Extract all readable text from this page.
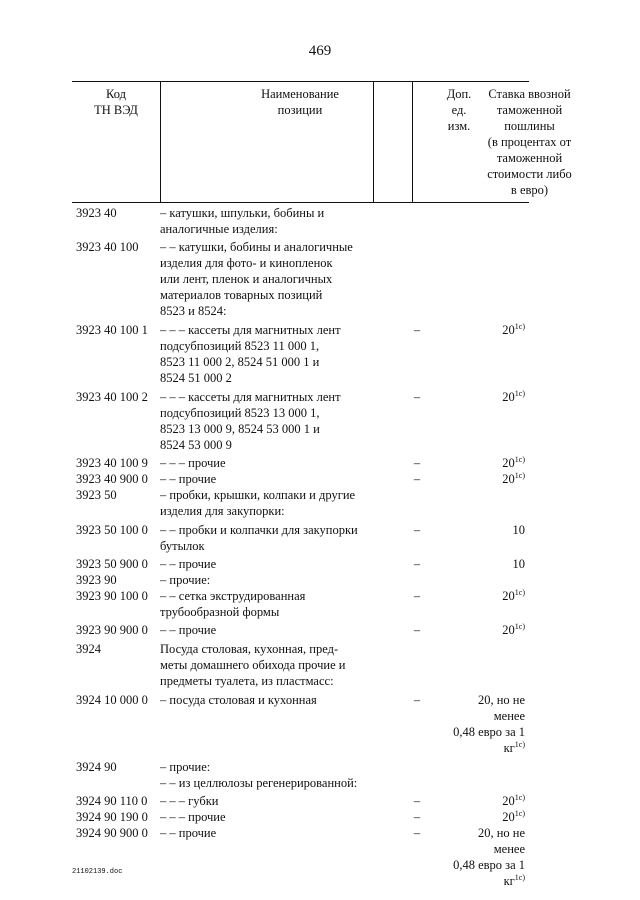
469
Код
ТН ВЭД
Наименование
позиции
Доп.
ед.
изм.
Ставка ввозной
таможенной
пошлины
(в процентах от
таможенной
стоимости либо
в евро)
3923 40	– катушки, шпульки, бобины и
аналогичные изделия:
3923 40 100	– – катушки, бобины и аналогичные
изделия для фото- и кинопленок
или лент, пленок и аналогичных
материалов товарных позиций
8523 и 8524:
3923 40 100 1 – – – кассеты для магнитных лент
подсубпозиций 8523 11 000 1,
8523 11 000 2, 8524 51 000 1 и
8524 51 000 2
–	$20^{1с)}$
3923 40 100 2 – – – кассеты для магнитных лент
подсубпозиций 8523 13 000 1,
8523 13 000 9, 8524 53 000 1 и
8524 53 000 9
–	$20^{1с)}$
3923 40 100 9 – – – прочие	–	$20^{1с)}$
3923 40 900 0 – – прочие	–	$20^{1с)}$
3923 50	– пробки, крышки, колпаки и другие
изделия для закупорки:
3923 50 100 0 – – пробки и колпачки для закупорки
бутылок
–	10
3923 50 900 0 – – прочие	–	10
3923 90	– прочие:
3923 90 100 0 – – сетка экструдированная
трубообразной формы
–	$20^{1с)}$
3923 90 900 0 – – прочие	–	$20^{1с)}$
3924	Посуда столовая, кухонная, пред-
меты домашнего обихода прочие и
предметы туалета, из пластмасс:
3924 10 000 0 – посуда столовая и кухонная	–	20, но не менее
0,48 евро за 1 $кг^{1с)}$
3924 90	– прочие:
– – из целлюлозы регенерированной:
3924 90 110 0	– – – губки	–	$20^{1с)}$
3924 90 190 0 – – – прочие	–	$20^{1с)}$
3924 90 900 0 – – прочие	–	20, но не менее
0,48 евро за 1 $кг^{1с)}$
21102139.doc
